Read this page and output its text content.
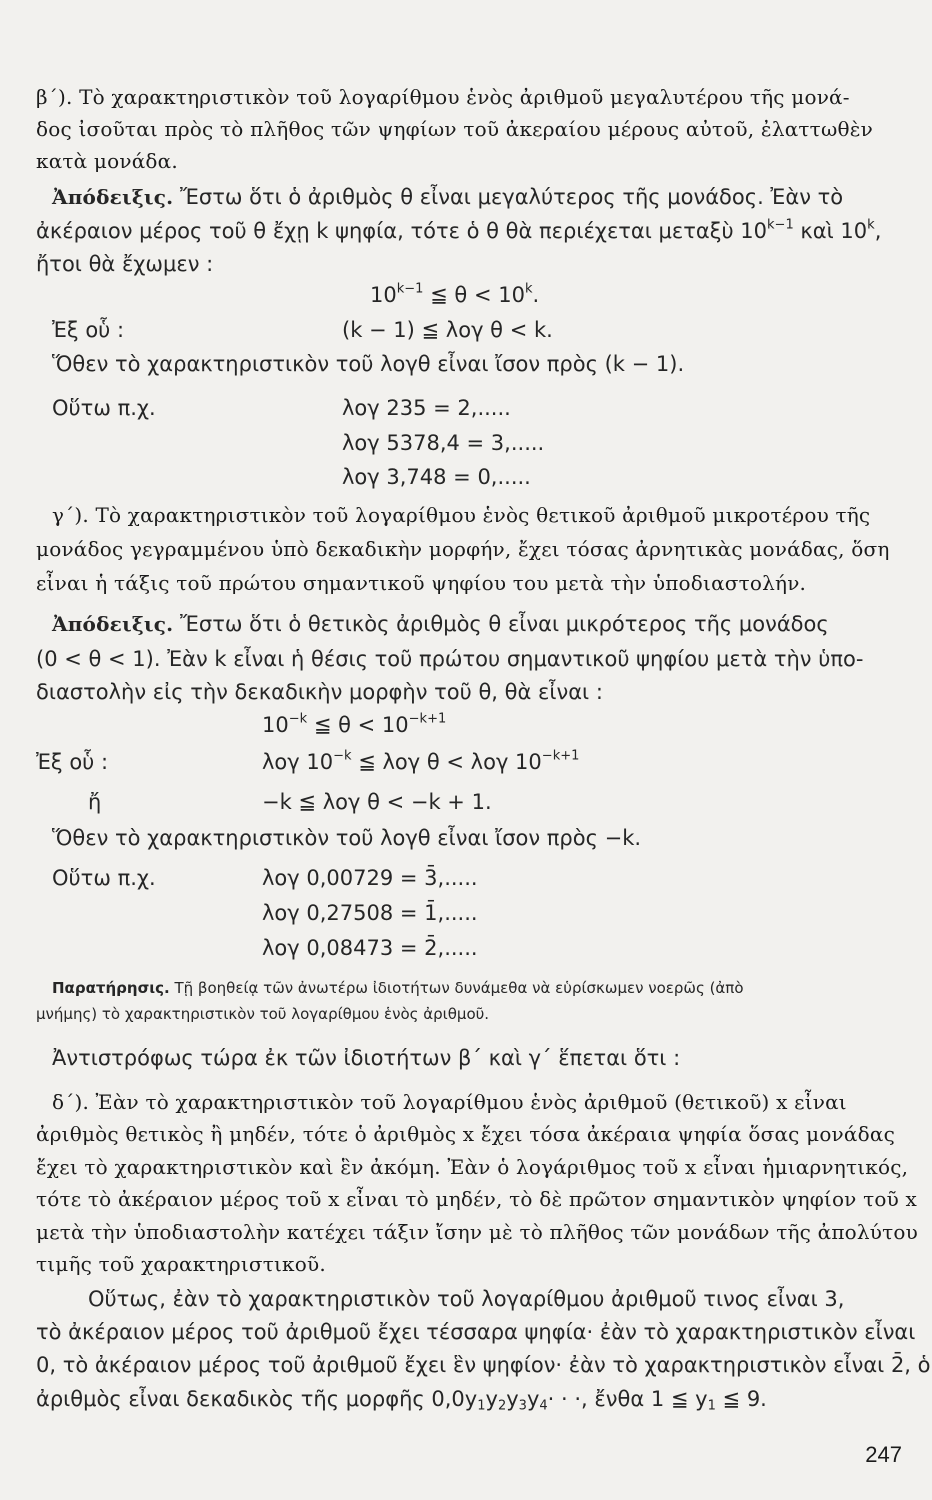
β΄). Τὸ χαρακτηριστικὸν τοῦ λογαρίθμου ἑνὸς ἀριθμοῦ μεγαλυτέρου τῆς μονά-
δος ἰσοῦται πρὸς τὸ πλῆθος τῶν ψηφίων τοῦ ἀκεραίου μέρους αὐτοῦ, ἐλαττωθὲν
κατὰ μονάδα.
Ἀπόδειξις. Ἔστω ὅτι ὁ ἀριθμὸς θ εἶναι μεγαλύτερος τῆς μονάδος. Ἐὰν τὸ
ἀκέραιον μέρος τοῦ θ ἔχῃ k ψηφία, τότε ὁ θ θὰ περιέχεται μεταξὺ $10^{k-1}$ καὶ 10$^k$,
ἤτοι θὰ ἔχωμεν :
$10^{k-1}$ ≦ $\theta < 10^k$.
Ἐξ οὗ :	(k − 1) ≦ λογ θ < k.
Ὅθεν τὸ χαρακτηριστικὸν τοῦ λογθ εἶναι ἴσον πρὸς (k − 1).
Οὕτω π.χ.	λογ 235 = 2,.....
λογ 5378,4 = 3,.....
λογ 3,748 = 0,.....
γ΄). Τὸ χαρακτηριστικὸν τοῦ λογαρίθμου ἑνὸς θετικοῦ ἀριθμοῦ μικροτέρου τῆς
μονάδος γεγραμμένου ὑπὸ δεκαδικὴν μορφήν, ἔχει τόσας ἀρνητικὰς μονάδας, ὅση
εἶναι ἡ τάξις τοῦ πρώτου σημαντικοῦ ψηφίου του μετὰ τὴν ὑποδιαστολήν.
Ἀπόδειξις. Ἔστω ὅτι ὁ θετικὸς ἀριθμὸς θ εἶναι μικρότερος τῆς μονάδος
(0 < θ < 1). Ἐὰν k εἶναι ἡ θέσις τοῦ πρώτου σημαντικοῦ ψηφίου μετὰ τὴν ὑπο-
διαστολὴν εἰς τὴν δεκαδικὴν μορφὴν τοῦ θ, θὰ εἶναι :
$10^{-k}$ ≦ $\theta < 10^{-k+1}$
Ἐξ οὗ :	λογ $10^{-k}$ ≦ λογ θ < λογ $10^{-k+1}$
ἤ	−k ≦ λογ θ < −k + 1.
Ὅθεν τὸ χαρακτηριστικὸν τοῦ λογθ εἶναι ἴσον πρὸς −k.
Οὕτω π.χ.	λογ 0,00729 = 3̄,.....
λογ 0,27508 = 1̄,.....
λογ 0,08473 = 2̄,.....
Παρατήρησις. Τῇ βοηθείᾳ τῶν ἀνωτέρω ἰδιοτήτων δυνάμεθα νὰ εὑρίσκωμεν νοερῶς (ἀπὸ
μνήμης) τὸ χαρακτηριστικὸν τοῦ λογαρίθμου ἑνὸς ἀριθμοῦ.
Ἀντιστρόφως τώρα ἐκ τῶν ἰδιοτήτων β΄ καὶ γ΄ ἕπεται ὅτι :
δ΄). Ἐὰν τὸ χαρακτηριστικὸν τοῦ λογαρίθμου ἑνὸς ἀριθμοῦ (θετικοῦ) x εἶναι
ἀριθμὸς θετικὸς ἢ μηδέν, τότε ὁ ἀριθμὸς x ἔχει τόσα ἀκέραια ψηφία ὅσας μονάδας
ἔχει τὸ χαρακτηριστικὸν καὶ ἓν ἀκόμη. Ἐὰν ὁ λογάριθμος τοῦ x εἶναι ἡμιαρνητικός,
τότε τὸ ἀκέραιον μέρος τοῦ x εἶναι τὸ μηδέν, τὸ δὲ πρῶτον σημαντικὸν ψηφίον τοῦ x
μετὰ τὴν ὑποδιαστολὴν κατέχει τάξιν ἴσην μὲ τὸ πλῆθος τῶν μονάδων τῆς ἀπολύτου
τιμῆς τοῦ χαρακτηριστικοῦ.
Οὕτως, ἐὰν τὸ χαρακτηριστικὸν τοῦ λογαρίθμου ἀριθμοῦ τινος εἶναι 3,
τὸ ἀκέραιον μέρος τοῦ ἀριθμοῦ ἔχει τέσσαρα ψηφία· ἐὰν τὸ χαρακτηριστικὸν εἶναι
0, τὸ ἀκέραιον μέρος τοῦ ἀριθμοῦ ἔχει ἓν ψηφίον· ἐὰν τὸ χαρακτηριστικὸν εἶναι 2̄, ὁ
ἀριθμὸς εἶναι δεκαδικὸς τῆς μορφῆς $0,0y_1y_2y_3y_4\cdot$ · ·, ἔνθα 1 ≦ $y_1$ ≦ 9.
247
